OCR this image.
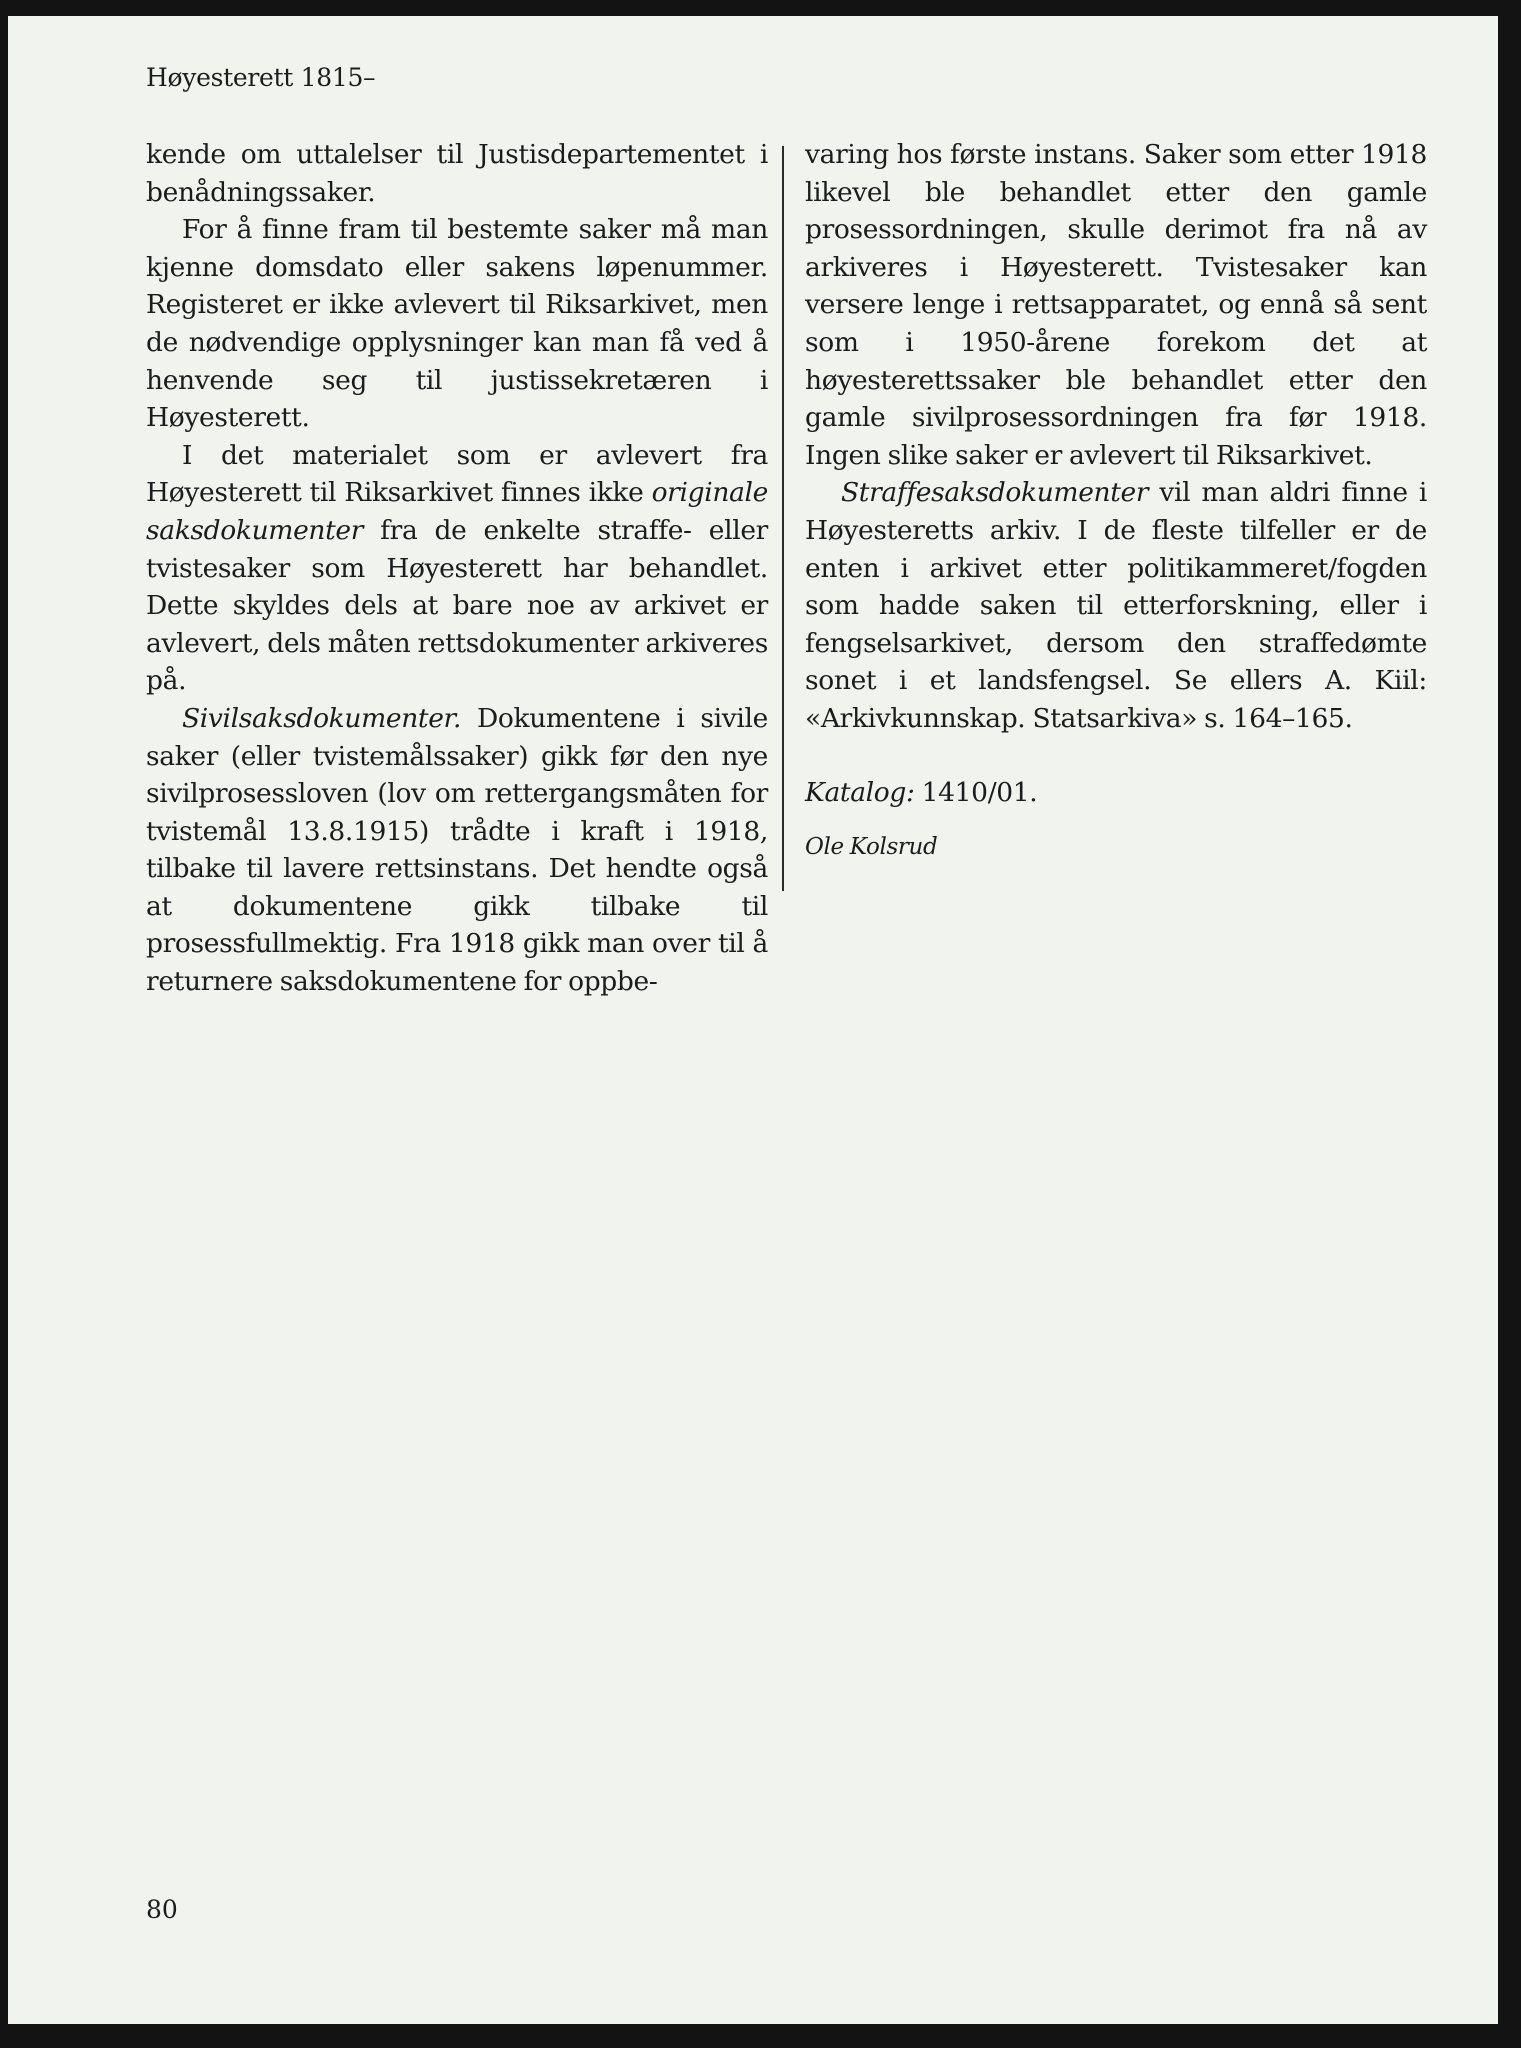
Høyesterett 1815–

kende om uttalelser til Justisdepartementet i benådningssaker.

For å finne fram til bestemte saker må man kjenne domsdato eller sakens løpenummer. Registeret er ikke avlevert til Riksarkivet, men de nødvendige opplysninger kan man få ved å henvende seg til justissekretæren i Høyesterett.

I det materialet som er avlevert fra Høyesterett til Riksarkivet finnes ikke originale saksdokumenter fra de enkelte straffe- eller tvistesaker som Høyesterett har behandlet. Dette skyldes dels at bare noe av arkivet er avlevert, dels måten rettsdokumenter arkiveres på.

Sivilsaksdokumenter. Dokumentene i sivile saker (eller tvistemålssaker) gikk før den nye sivilprosessloven (lov om rettergangsmåten for tvistemål 13.8.1915) trådte i kraft i 1918, tilbake til lavere rettsinstans. Det hendte også at dokumentene gikk tilbake til prosessfullmektig. Fra 1918 gikk man over til å returnere saksdokumentene for oppbe-

varing hos første instans. Saker som etter 1918 likevel ble behandlet etter den gamle prosessordningen, skulle derimot fra nå av arkiveres i Høyesterett. Tvistesaker kan versere lenge i rettsapparatet, og ennå så sent som i 1950-årene forekom det at høyesterettssaker ble behandlet etter den gamle sivilprosessordningen fra før 1918. Ingen slike saker er avlevert til Riksarkivet.

Straffesaksdokumenter vil man aldri finne i Høyesteretts arkiv. I de fleste tilfeller er de enten i arkivet etter politikammeret/fogden som hadde saken til etterforskning, eller i fengselsarkivet, dersom den straffedømte sonet i et landsfengsel. Se ellers A. Kiil: «Arkivkunnskap. Statsarkiva» s. 164–165.

Katalog: 1410/01.

Ole Kolsrud

80
